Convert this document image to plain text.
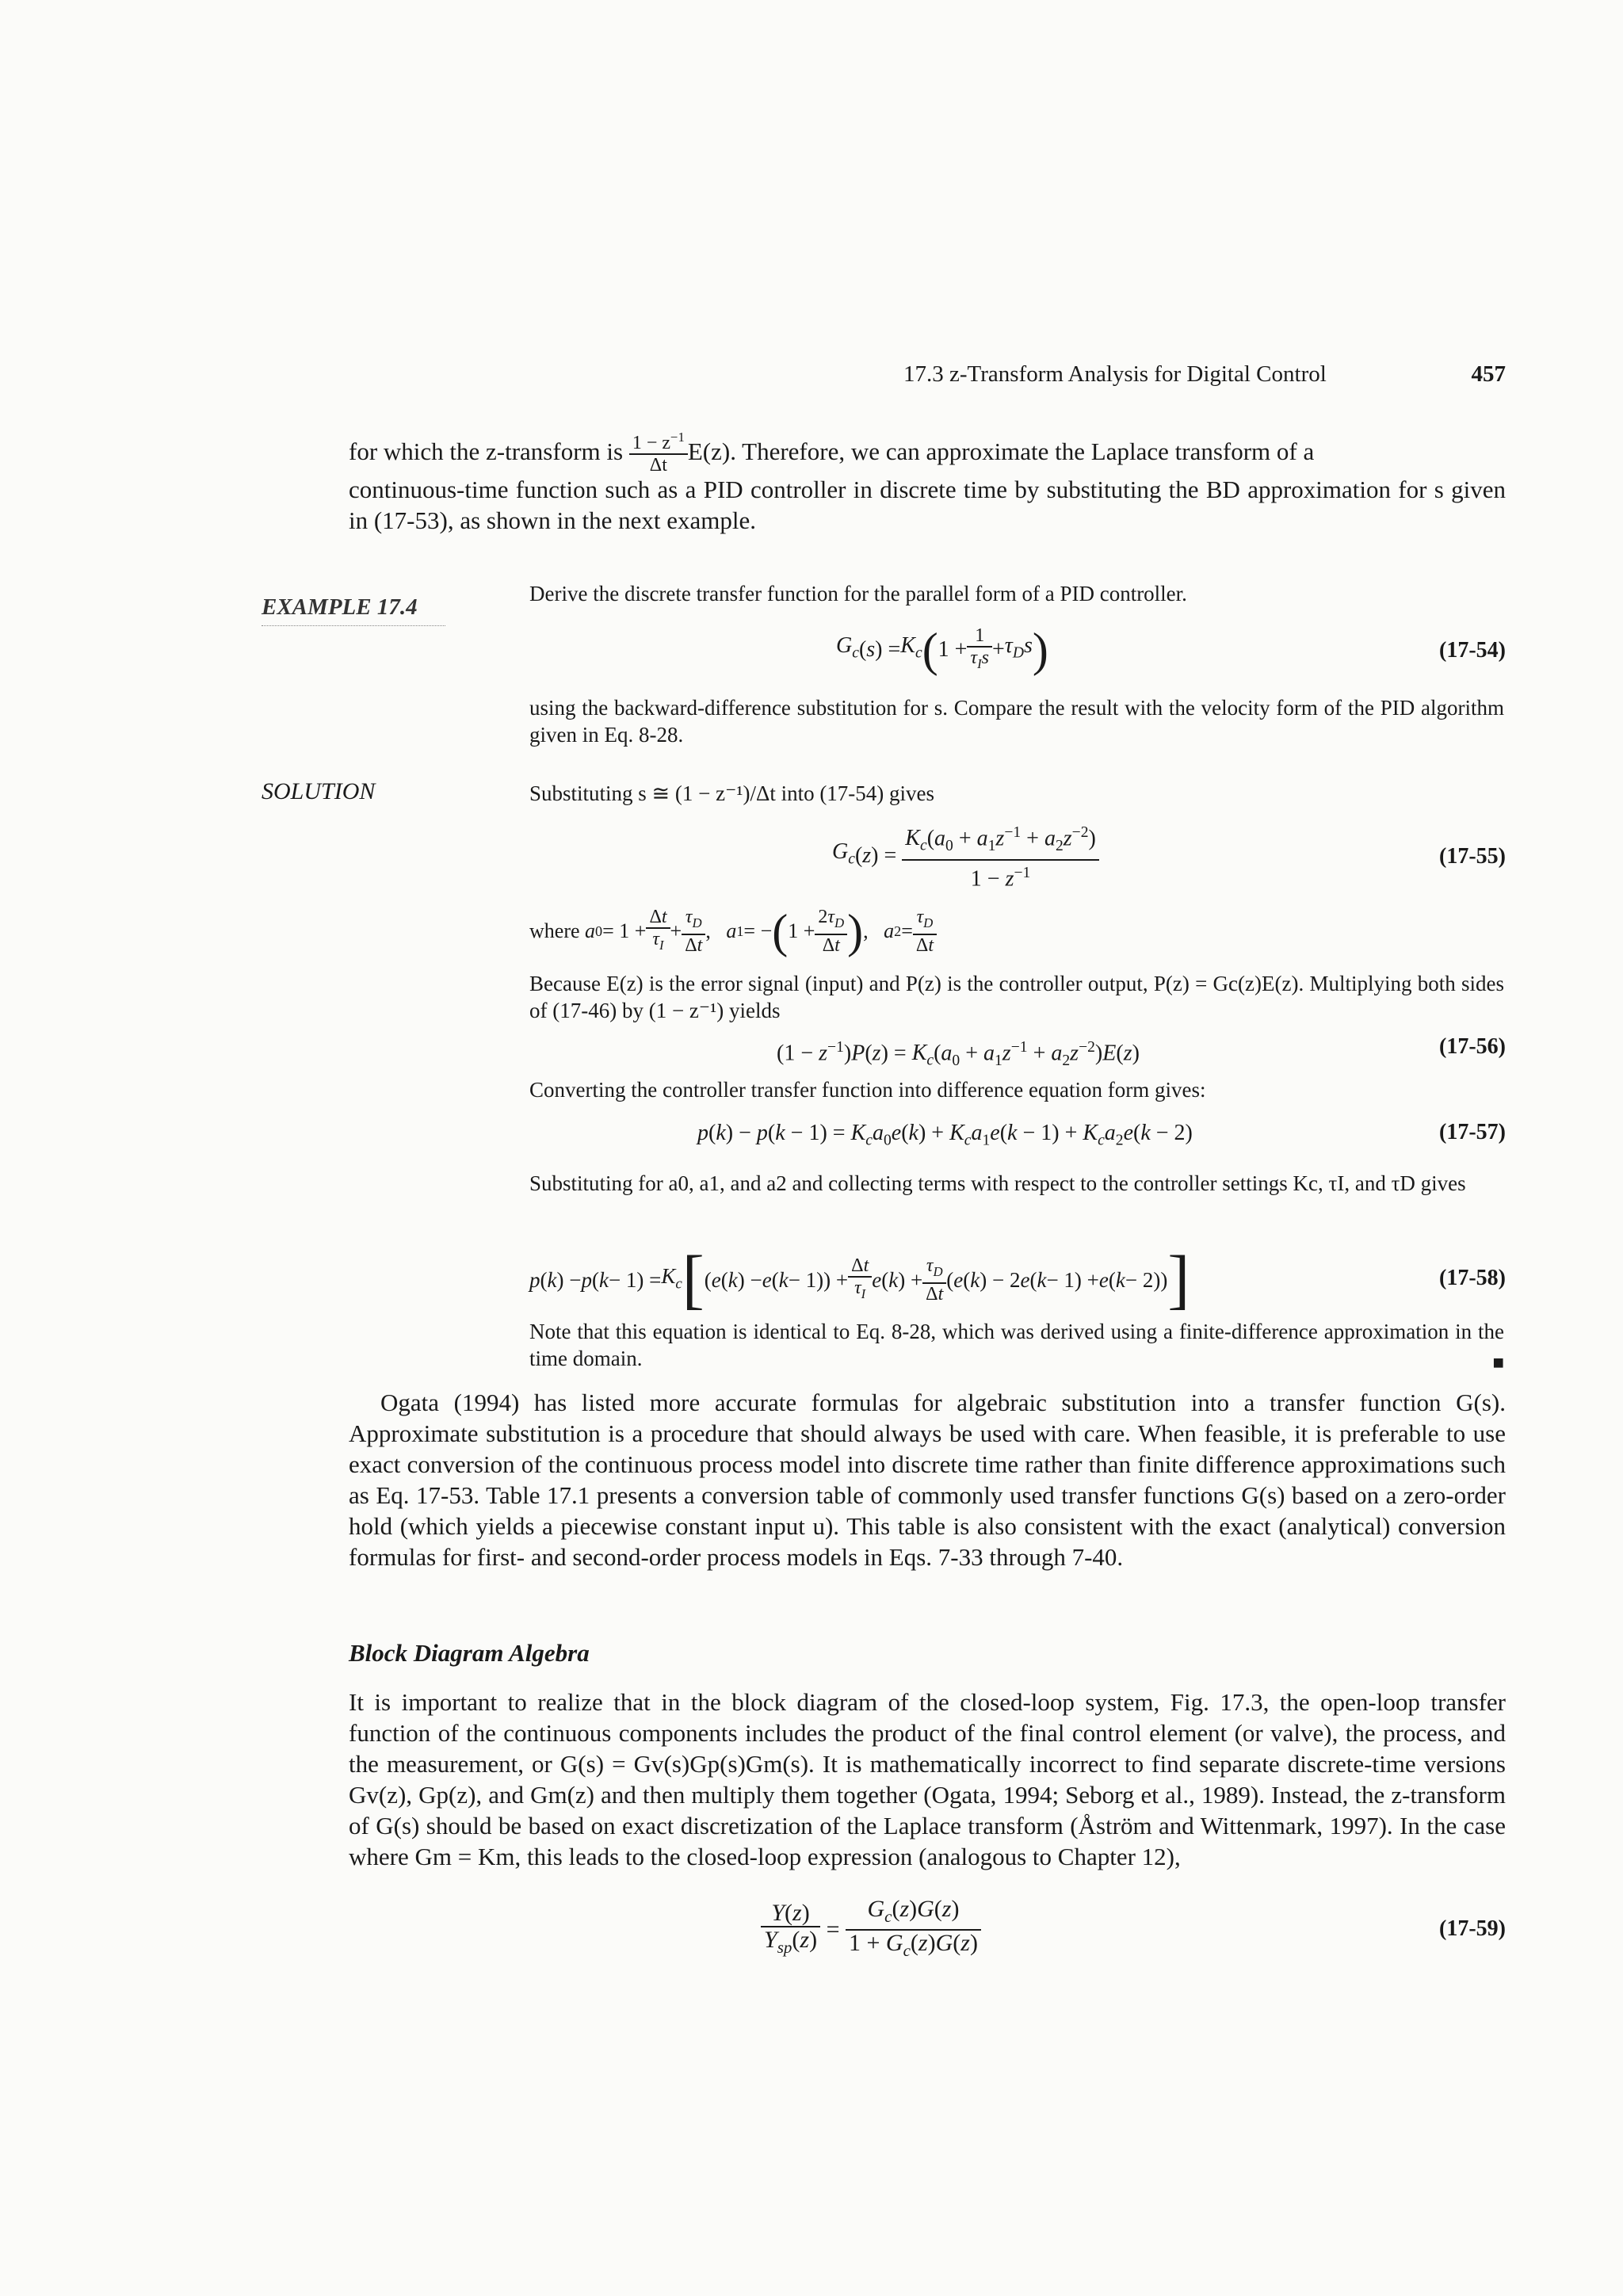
17.3 z-Transform Analysis for Digital Control	457
for which the z-transform is
$\frac{1 - z^{-1}}{\Delta t} E(z)$. Therefore, we can approximate the Laplace transform of a
continuous-time function such as a PID controller in discrete time by substituting the BD approximation for s given in (17-53), as shown in the next example.
EXAMPLE 17.4
Derive the discrete transfer function for the parallel form of a PID controller.
$G_c$ ( s ) = $K_c$ ( $1 + \frac{1}{\tau_Is} + \tau_Ds$ )	(17-54)
using the backward-difference substitution for s. Compare the result with the velocity form of the PID algorithm given in Eq. 8-28.
SOLUTION	Substituting s ≅ (1 − z⁻¹)/Δt into (17-54) gives
$G_c$ ( z ) = $\frac{K_c(a_0 + a_1z^{-1} + a_2z^{-2})}{1 - z^{-1}}$	(17-55)
where
a $0 = 1 + \frac{\Delta t}{\tau_I} + \frac{\tau_D}{\Delta t}$ , a 1 = − ( $1 + \frac{2\tau_D}{\Delta t}$ ) , a $2 = \frac{\tau_D}{\Delta t}$
Because E(z) is the error signal (input) and P(z) is the controller output, P(z) = Gc(z)E(z). Multiplying both sides of (17-46) by (1 − z⁻¹) yields
$(1 - z^{-1})P(z) = K_c(a_0 + a_1z^{-1} + a_2z^{-2})E(z)$	(17-56)
Converting the controller transfer function into difference equation form gives:
$p(k) - p(k - 1) = K_ca_0e(k) + K_ca_1e(k - 1) + K_ca_2e(k - 2)$	(17-57)
Substituting for a0, a1, and a2 and collecting terms with respect to the controller settings Kc, τI, and τD gives
p ( k ) − p ( $k - 1) = K_c$ [ ( e ( k ) − e ( $k - 1)) + \frac{\Delta t}{\tau_I}$ e ( k ) + $\frac{\tau_D}{\Delta t}$ ( e ( k ) − 2 e ( k − 1) + e ( k − 2)) ]	(17-58)
Note that this equation is identical to Eq. 8-28, which was derived using a finite-difference approximation in the time domain.	■
Ogata (1994) has listed more accurate formulas for algebraic substitution into a transfer function G(s). Approximate substitution is a procedure that should always be used with care. When feasible, it is preferable to use exact conversion of the continuous process model into discrete time rather than finite difference approximations such as Eq. 17-53. Table 17.1 presents a conversion table of commonly used transfer functions G(s) based on a zero-order hold (which yields a piecewise constant input u). This table is also consistent with the exact (analytical) conversion formulas for first- and second-order process models in Eqs. 7-33 through 7-40.
Block Diagram Algebra
It is important to realize that in the block diagram of the closed-loop system, Fig. 17.3, the open-loop transfer function of the continuous components includes the product of the final control element (or valve), the process, and the measurement, or G(s) = Gv(s)Gp(s)Gm(s). It is mathematically incorrect to find separate discrete-time versions Gv(z), Gp(z), and Gm(z) and then multiply them together (Ogata, 1994; Seborg et al., 1989). Instead, the z-transform of G(s) should be based on exact discretization of the Laplace transform (Åström and Wittenmark, 1997). In the case where Gm = Km, this leads to the closed-loop expression (analogous to Chapter 12),
$\frac{Y(z)}{Y_{sp}(z)} = \frac{G_c(z)G(z)}{1 + G_c(z)G(z)}$	(17-59)
